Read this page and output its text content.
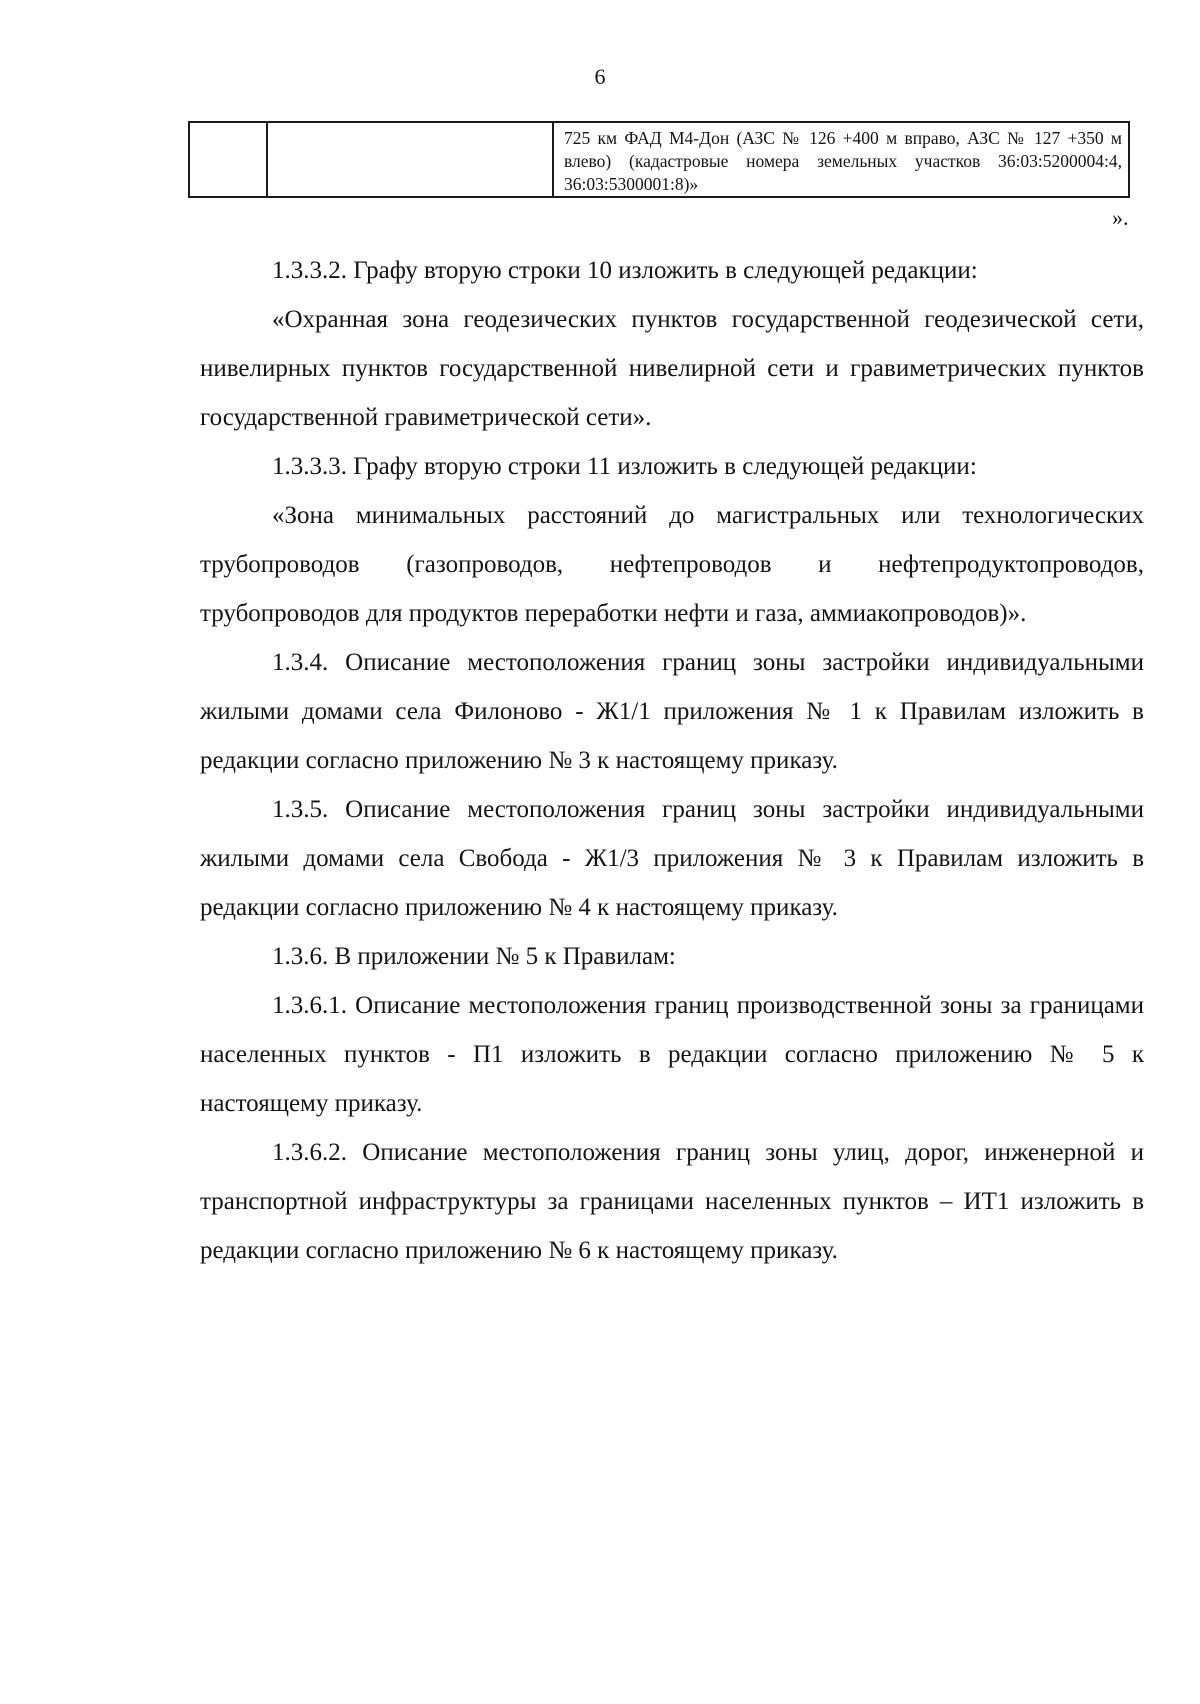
6
		725 км ФАД М4-Дон (АЗС № 126 +400 м вправо, АЗС № 127 +350 м влево) (кадастровые номера земельных участков 36:03:5200004:4, 36:03:5300001:8)»
».

1.3.3.2. Графу вторую строки 10 изложить в следующей редакции:

«Охранная зона геодезических пунктов государственной геодезической сети, нивелирных пунктов государственной нивелирной сети и гравиметрических пунктов государственной гравиметрической сети».

1.3.3.3. Графу вторую строки 11 изложить в следующей редакции:

«Зона минимальных расстояний до магистральных или технологических трубопроводов (газопроводов, нефтепроводов и нефтепродуктопроводов, трубопроводов для продуктов переработки нефти и газа, аммиакопроводов)».

1.3.4. Описание местоположения границ зоны застройки индивидуальными жилыми домами села Филоново - Ж1/1 приложения № 1 к Правилам изложить в редакции согласно приложению № 3 к настоящему приказу.

1.3.5. Описание местоположения границ зоны застройки индивидуальными жилыми домами села Свобода - Ж1/3 приложения № 3 к Правилам изложить в редакции согласно приложению № 4 к настоящему приказу.

1.3.6. В приложении № 5 к Правилам:

1.3.6.1. Описание местоположения границ производственной зоны за границами населенных пунктов - П1 изложить в редакции согласно приложению № 5 к настоящему приказу.

1.3.6.2. Описание местоположения границ зоны улиц, дорог, инженерной и транспортной инфраструктуры за границами населенных пунктов – ИТ1 изложить в редакции согласно приложению № 6 к настоящему приказу.
